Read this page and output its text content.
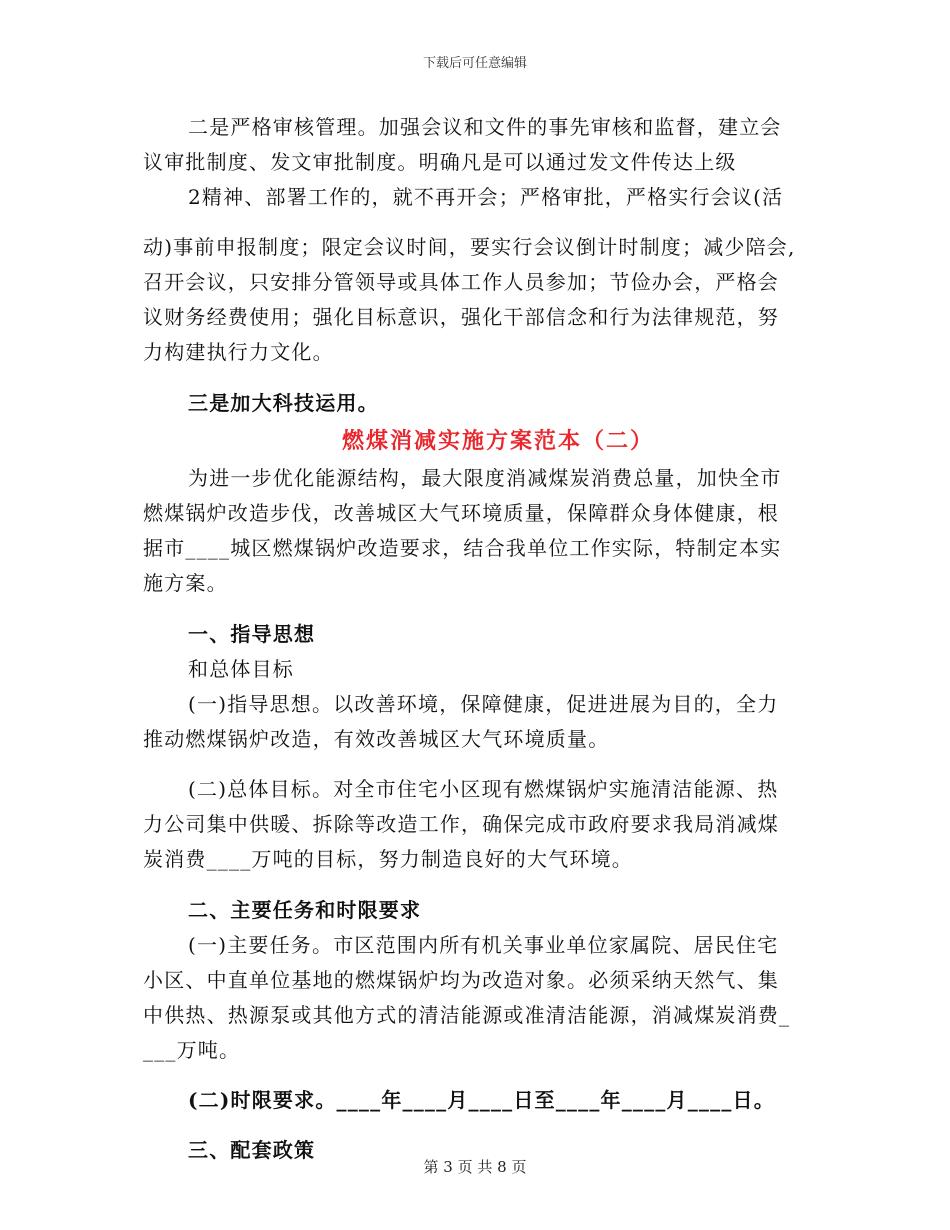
下载后可任意编辑
二是严格审核管理。加强会议和文件的事先审核和监督，建立会
议审批制度、发文审批制度。明确凡是可以通过发文件传达上级
2精神、部署工作的，就不再开会；严格审批，严格实行会议(活
动)事前申报制度；限定会议时间，要实行会议倒计时制度；减少陪会,
召开会议，只安排分管领导或具体工作人员参加；节俭办会，严格会
议财务经费使用；强化目标意识，强化干部信念和行为法律规范，努
力构建执行力文化。
三是加大科技运用。
燃煤消减实施方案范本（二）
为进一步优化能源结构，最大限度消减煤炭消费总量，加快全市
燃煤锅炉改造步伐，改善城区大气环境质量，保障群众身体健康，根
据市____城区燃煤锅炉改造要求，结合我单位工作实际，特制定本实
施方案。
一、指导思想
和总体目标
(一)指导思想。以改善环境，保障健康，促进进展为目的，全力
推动燃煤锅炉改造，有效改善城区大气环境质量。
(二)总体目标。对全市住宅小区现有燃煤锅炉实施清洁能源、热
力公司集中供暖、拆除等改造工作，确保完成市政府要求我局消减煤
炭消费____万吨的目标，努力制造良好的大气环境。
二、主要任务和时限要求
(一)主要任务。市区范围内所有机关事业单位家属院、居民住宅
小区、中直单位基地的燃煤锅炉均为改造对象。必须采纳天然气、集
中供热、热源泵或其他方式的清洁能源或准清洁能源，消减煤炭消费_
___万吨。
(二)时限要求。____年____月____日至____年____月____日。
三、配套政策
第 3 页 共 8 页
